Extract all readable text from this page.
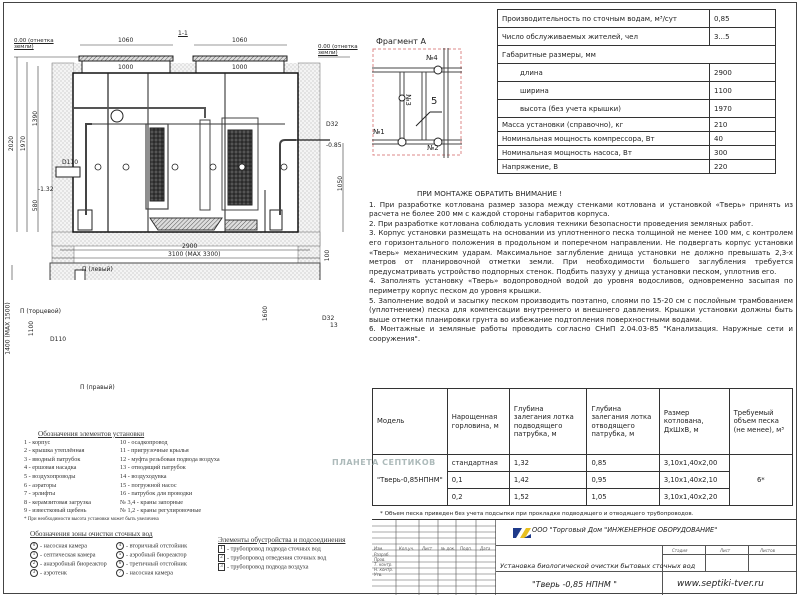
1-1
0.00 (отнетка земли)	0.00 (отнетка земли)
1060	1060
1000	1000
2020 1970
1390
580
1050
100
D110
-1.32
D32
-0.85
2900
3100 (MAX 3300)
П (левый)
П (торцевой)
П (правый)
1400 (MAX 1500)	1100
1600
D110
D32
13
Фрагмент А
№4
№1
№2
№3 5
Производительность по сточным водам, м³/сут	0,85
Число обслуживаемых жителей, чел	3...5
Габаритные размеры, мм	
длина	2900
ширина	1100
высота (без учета крышки)	1970
Масса установки (справочно), кг	210
Номинальная мощность компрессора, Вт	40
Номинальная мощность насоса, Вт	300
Напряжение, В	220
ПРИ МОНТАЖЕ ОБРАТИТЬ ВНИМАНИЕ !

1. При разработке котлована размер зазора между стенками котлована и установкой «Тверь» принять из расчета не более 200 мм с каждой стороны габаритов корпуса.

2. При разработке котлована соблюдать условия техники безопасности проведения земляных работ.

3. Корпус установки размещать на основании из уплотненного песка толщиной не менее 100 мм, с контролем его горизонтального положения в продольном и поперечном направлении. Не подвергать корпус установки «Тверь» механическим ударам. Максимальное заглубление днища установки не должно превышать 2,3-х метров от планировочной отметки земли. При необходимости большего заглубления требуется предусматривать устройство подпорных стенок. Подбить пазуху у днища установки песком, уплотнив его.

4. Заполнять установку «Тверь» водопроводной водой до уровня водосливов, одновременно засыпая по периметру корпус песком до уровня крышки.

5. Заполнение водой и засыпку песком производить поэтапно, слоями по 15-20 см с послойным трамбованием (уплотнением) песка для компенсации внутреннего и внешнего давления. Крышки установки должны быть выше отметки планировки грунта во избежание подтопления поверхностными водами.

6. Монтажные и земляные работы проводить согласно СНиП 2.04.03-85 "Канализация. Наружные сети и сооружения".

Модель	Нарощенная горловина, м	Глубина залегания лотка подводящего патрубка, м	Глубина залегания лотка отводящего патрубка, м	Размер котлована, ДхШхВ, м	Требуемый объем песка (не менее), м³
"Тверь-0,85НПНМ"	стандартная	1,32	0,85	3,10x1,40x2,00	6*
	0,1	1,42	0,95	3,10x1,40x2,10	
	0,2	1,52	1,05	3,10x1,40x2,20	
* Объем песка приведен без учета подсыпки при прокладке подводящего и отводящего трубопроводов.
ПЛАНЕТА СЕПТИКОВ
ООО "Торговый Дом "ИНЖЕНЕРНОЕ ОБОРУДОВАНИЕ"
Установка биологической очистки бытовых сточных вод
"Тверь -0,85 НПНМ "	www.septiki-tver.ru
Стадия	Лист	Листов
Дата
Изм.	Кол.уч. Лист № док. Подп.
Разраб.
Пров.
Т. контр.
Н. контр.
Утв.
Обозначения элементов установки
1 - корпус
2 - крышка утеплённая
3 - вводный патрубок
4 - ершовая насадка
5 - воздухопроводы
6 - аэраторы
7 - эрлифты
8 - керамзитовая загрузка
9 - известковый щебень
10 - осадкопровод
11 - пригрузочные крылья
12 - муфта резьбовая подвода воздуха
13 - отводящий патрубок
14 - воздуходувка
15 - погружной насос
16 - патрубок для проводки
№ 3,4 - краны запорные
№ 1,2 - краны регулировочные
* При необходимости высота установки может быть увеличена
Обозначения зоны очистки сточных вод
0 - насосная камера
1 - септическая камера
2 - анаэробный биореактор
3 - аэротенк
4 - вторичный отстойник
5 - аэробный биореактор
6 - третичный отстойник
7 - насосная камера
Элементы обустройства и подсоединения
1 - трубопровод подвода сточных вод
2 - трубопровод отведения сточных вод
3 - трубопровод подвода воздуха
